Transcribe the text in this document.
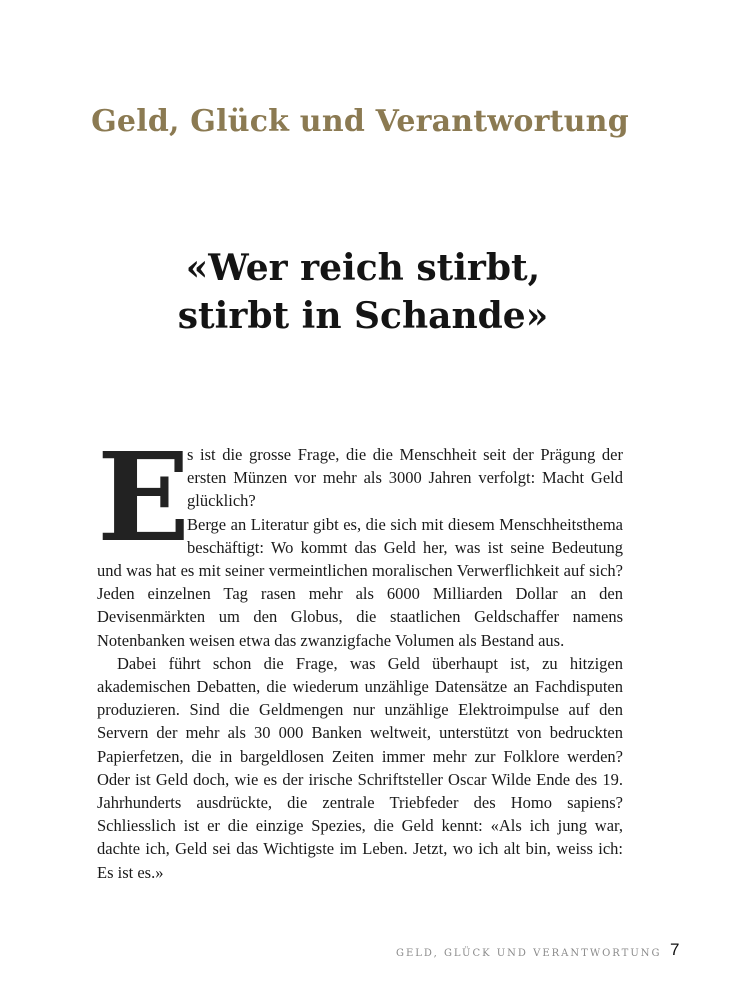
Geld, Glück und Verantwortung
«Wer reich stirbt,
stirbt in Schande»

E
s ist die grosse Frage, die die Menschheit seit der Prägung der ersten Münzen vor mehr als 3000 Jahren verfolgt: Macht Geld glücklich?

Berge an Literatur gibt es, die sich mit diesem Menschheitsthema beschäftigt: Wo kommt das Geld her, was ist seine Bedeutung und was hat es mit seiner vermeintlichen moralischen Verwerflichkeit auf sich? Jeden einzelnen Tag rasen mehr als 6000 Milliarden Dollar an den Devisenmärkten um den Globus, die staatlichen Geldschaffer namens Notenbanken weisen etwa das zwanzigfache Volumen als Bestand aus.

Dabei führt schon die Frage, was Geld überhaupt ist, zu hitzigen akademischen Debatten, die wiederum unzählige Datensätze an Fachdisputen produzieren. Sind die Geldmengen nur unzählige Elektroimpulse auf den Servern der mehr als 30 000 Banken weltweit, unterstützt von bedruckten Papierfetzen, die in bargeldlosen Zeiten immer mehr zur Folklore werden? Oder ist Geld doch, wie es der irische Schriftsteller Oscar Wilde Ende des 19. Jahrhunderts ausdrückte, die zentrale Triebfeder des Homo sapiens? Schliesslich ist er die einzige Spezies, die Geld kennt: «Als ich jung war, dachte ich, Geld sei das Wichtigste im Leben. Jetzt, wo ich alt bin, weiss ich: Es ist es.»

GELD, GLÜCK UND VERANTWORTUNG 7
